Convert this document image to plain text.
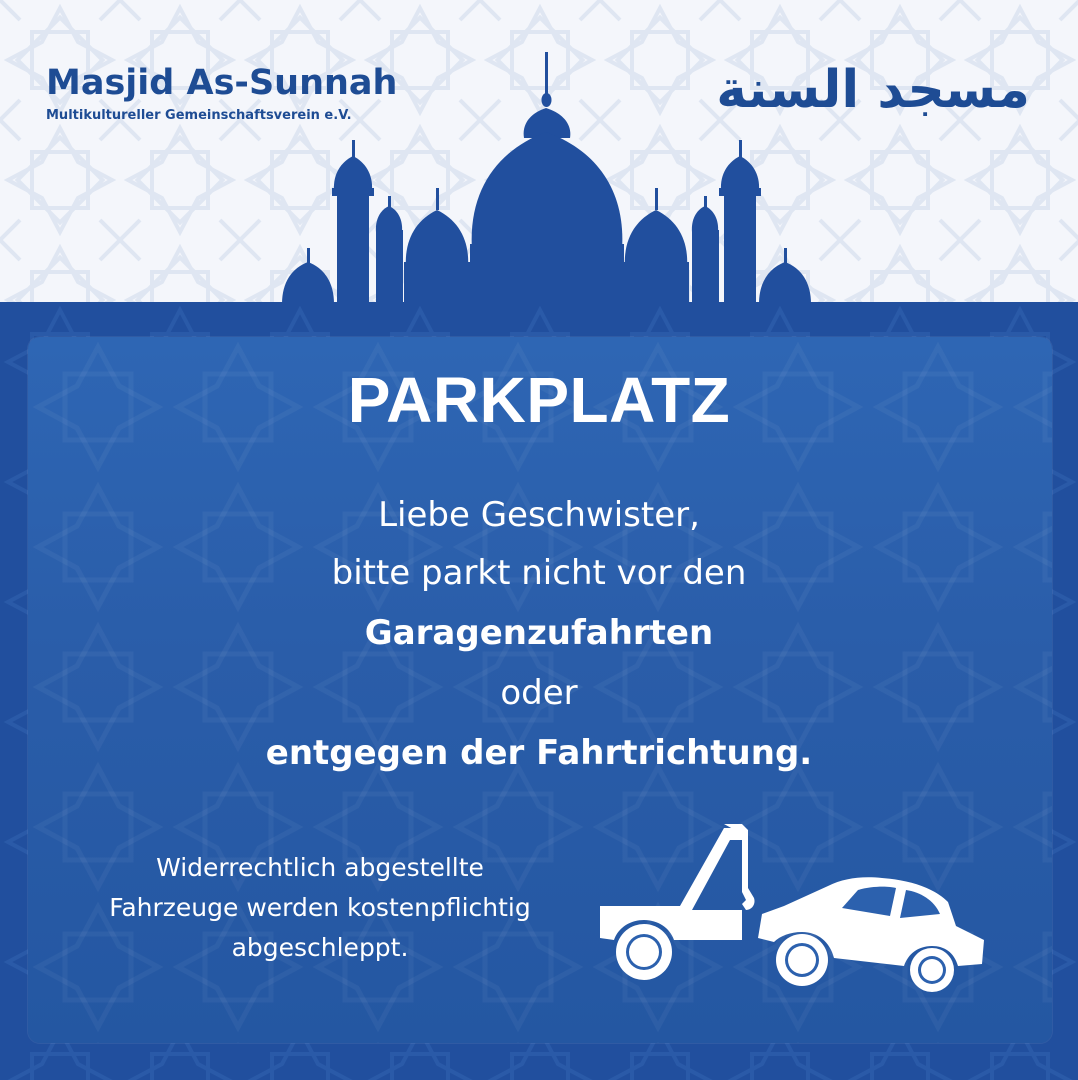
Masjid As-Sunnah
Multikultureller Gemeinschaftsverein e.V.	مسجد السنة
PARKPLATZ
Liebe Geschwister,
bitte parkt nicht vor den
Garagenzufahrten
oder
entgegen der Fahrtrichtung.
Widerrechtlich abgestellte
Fahrzeuge werden kostenpflichtig
abgeschleppt.
